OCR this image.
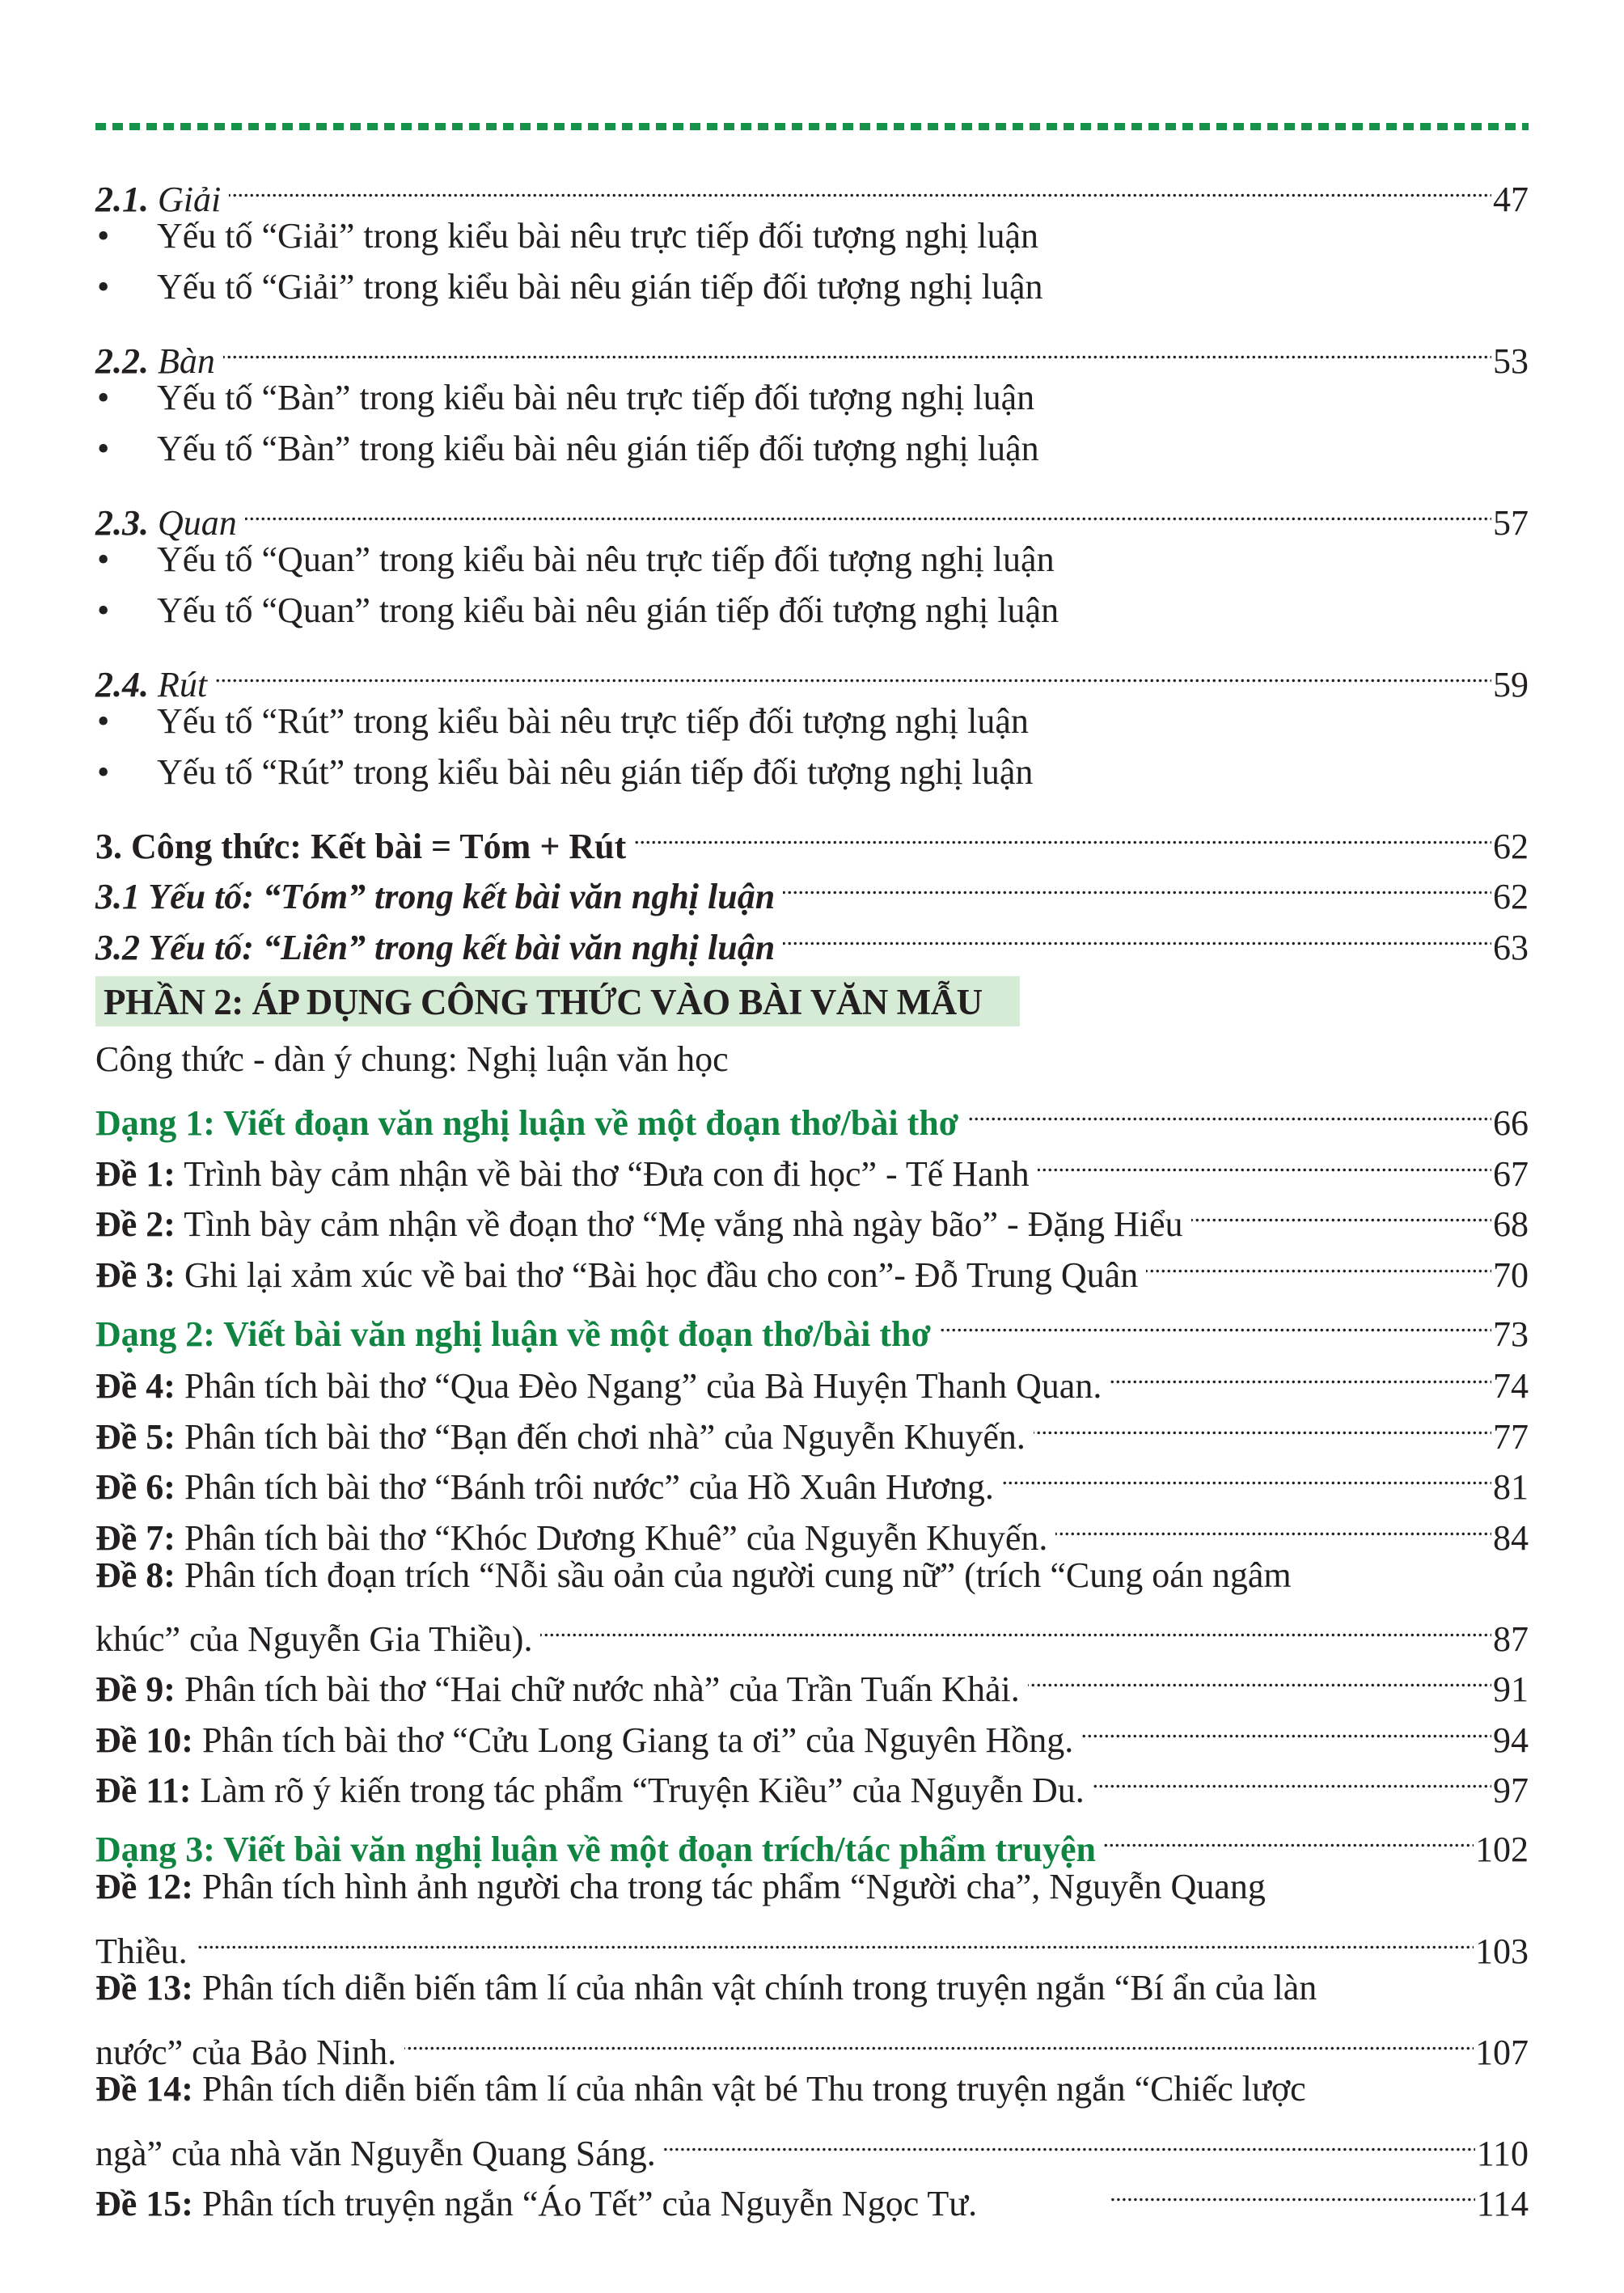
2.1. Giải . . .	47
• Yếu tố “Giải” trong kiểu bài nêu trực tiếp đối tượng nghị luận
• Yếu tố “Giải” trong kiểu bài nêu gián tiếp đối tượng nghị luận
2.2. Bàn . . .	53
• Yếu tố “Bàn” trong kiểu bài nêu trực tiếp đối tượng nghị luận
• Yếu tố “Bàn” trong kiểu bài nêu gián tiếp đối tượng nghị luận
2.3. Quan . . .	57
• Yếu tố “Quan” trong kiểu bài nêu trực tiếp đối tượng nghị luận
• Yếu tố “Quan” trong kiểu bài nêu gián tiếp đối tượng nghị luận
2.4. Rút . . .	59
• Yếu tố “Rút” trong kiểu bài nêu trực tiếp đối tượng nghị luận
• Yếu tố “Rút” trong kiểu bài nêu gián tiếp đối tượng nghị luận
3. Công thức: Kết bài = Tóm + Rút . . .	62
3.1 Yếu tố: “Tóm” trong kết bài văn nghị luận . . .	62
3.2 Yếu tố: “Liên” trong kết bài văn nghị luận . . .	63
PHẦN 2: ÁP DỤNG CÔNG THỨC VÀO BÀI VĂN MẪU
Công thức - dàn ý chung: Nghị luận văn học
Dạng 1: Viết đoạn văn nghị luận về một đoạn thơ/bài thơ . . .	66
Đề 1: Trình bày cảm nhận về bài thơ “Đưa con đi học” - Tế Hanh . . .	67
Đề 2: Tình bày cảm nhận về đoạn thơ “Mẹ vắng nhà ngày bão” - Đặng Hiểu . . .	68
Đề 3: Ghi lại xảm xúc về bai thơ “Bài học đầu cho con”- Đỗ Trung Quân . . .	70
Dạng 2: Viết bài văn nghị luận về một đoạn thơ/bài thơ . . .	73
Đề 4: Phân tích bài thơ “Qua Đèo Ngang” của Bà Huyện Thanh Quan. . . .	74
Đề 5: Phân tích bài thơ “Bạn đến chơi nhà” của Nguyễn Khuyến. . . .	77
Đề 6: Phân tích bài thơ “Bánh trôi nước” của Hồ Xuân Hương. . . .	81
Đề 7: Phân tích bài thơ “Khóc Dương Khuê” của Nguyễn Khuyến. . . .	84
Đề 8: Phân tích đoạn trích “Nỗi sầu oản của người cung nữ” (trích “Cung oán ngâm
khúc” của Nguyễn Gia Thiều). . . .	87
Đề 9: Phân tích bài thơ “Hai chữ nước nhà” của Trần Tuấn Khải. . . .	91
Đề 10: Phân tích bài thơ “Cửu Long Giang ta ơi” của Nguyên Hồng. . . .	94
Đề 11: Làm rõ ý kiến trong tác phẩm “Truyện Kiều” của Nguyễn Du. . . .	97
Dạng 3: Viết bài văn nghị luận về một đoạn trích/tác phẩm truyện . . .	102
Đề 12: Phân tích hình ảnh người cha trong tác phẩm “Người cha”, Nguyễn Quang
Thiều. . . .	103
Đề 13: Phân tích diễn biến tâm lí của nhân vật chính trong truyện ngắn “Bí ẩn của làn
nước” của Bảo Ninh. . . .	107
Đề 14: Phân tích diễn biến tâm lí của nhân vật bé Thu trong truyện ngắn “Chiếc lược
ngà” của nhà văn Nguyễn Quang Sáng. . . .	110
Đề 15: Phân tích truyện ngắn “Áo Tết” của Nguyễn Ngọc Tư. . . .	114
